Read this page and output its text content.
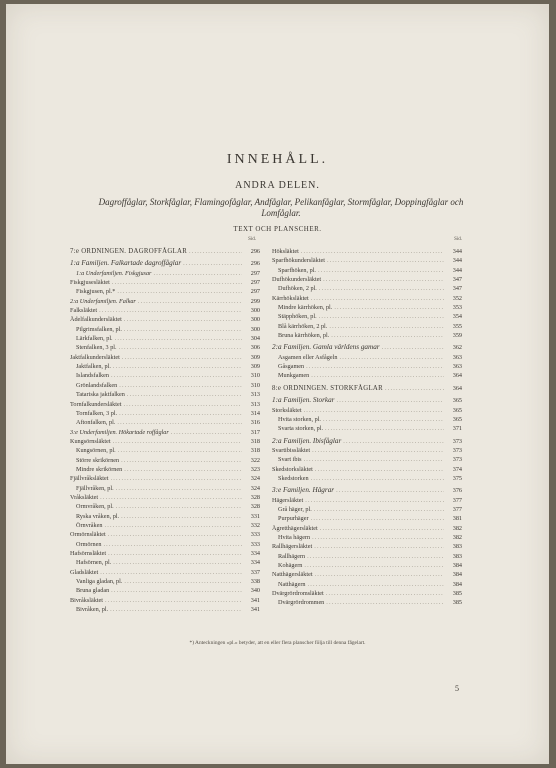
INNEHÅLL.
ANDRA DELEN.
Dagroffåglar, Storkfåglar, Flamingofåglar, Andfåglar, Pelikanfåglar, Stormfåglar, Doppingfåglar och Lomfåglar.
TEXT OCH PLANSCHER.
Sid.
7:e ORDNINGEN. DAGROFFÅGLAR .....	296
1:a Familjen. Falkartade dagroffåglar .....	296
1:a Underfamiljen. Fiskgjusar .....	297
Fiskgjusesläktet .....	297
Fiskgjusen, pl.* .....	297
2:a Underfamiljen. Falkar .....	299
Falksläktet .....	300
Ädelfalkundersläktet .....	300
Pilgrimsfalken, pl. .....	300
Lärkfalken, pl. .....	304
Stenfalken, 3 pl. .....	306
Jaktfalkundersläktet .....	309
Jaktfalken, pl. .....	309
Islandsfalken .....	310
Grönlandsfalken .....	310
Tatariska jaktfalken .....	313
Tornfalkundersläktet .....	313
Tornfalken, 3 pl. .....	314
Aftonfalken, pl. .....	316
3:e Underfamiljen. Hökartade roffåglar .....	317
Kungsörnsläktet .....	318
Kungsörnen, pl. .....	318
Större skrikörnen .....	322
Mindre skrikörnen .....	323
Fjällvråksläktet .....	324
Fjällvråken, pl. .....	324
Vråksläktet .....	328
Ormvråken, pl. .....	328
Ryska vråken, pl. .....	331
Örnvråken .....	332
Ormörnsläktet .....	333
Ormörnen .....	333
Hafsörnsläktet .....	334
Hafsörnen, pl. .....	334
Gladsläktet .....	337
Vanliga gladan, pl. .....	338
Bruna gladan .....	340
Bivråksläktet .....	341
Bivråken, pl. .....	341
Sid.
Höksläktet .....	344
Sparfhökundersläktet .....	344
Sparfhöken, pl. .....	344
Dufhökundersläktet .....	347
Dufhöken, 2 pl. .....	347
Kärrhöksläktet .....	352
Mindre kärrhöken, pl. .....	353
Stäpphöken, pl. .....	354
Blå kärrhöken, 2 pl. .....	355
Bruna kärrhöken, pl. .....	359
2:a Familjen. Gamla världens gamar .....	362
Asgamen eller Asfågeln .....	363
Gåsgamen .....	363
Munkgamen .....	364
8:e ORDNINGEN. STORKFÅGLAR .....	364
1:a Familjen. Storkar .....	365
Storksläktet .....	365
Hvita storken, pl. .....	365
Svarta storken, pl. .....	371
2:a Familjen. Ibisfåglar .....	373
Svartibissläktet .....	373
Svart ibis .....	373
Skedstorksläktet .....	374
Skedstorken .....	375
3:e Familjen. Hägrar .....	376
Hägersläktet .....	377
Grå häger, pl. .....	377
Purpurhäger .....	381
Ägretthägersläktet .....	382
Hvita hägern .....	382
Rallhägersläktet .....	383
Rallhägern .....	383
Kohägern .....	384
Natthägersläktet .....	384
Natthägern .....	384
Dvärgrördromsläktet .....	385
Dvärgrördrommen .....	385
*) Anteckningen »pl.» betyder, att en eller flera planscher följa till denna fågelart.
5
